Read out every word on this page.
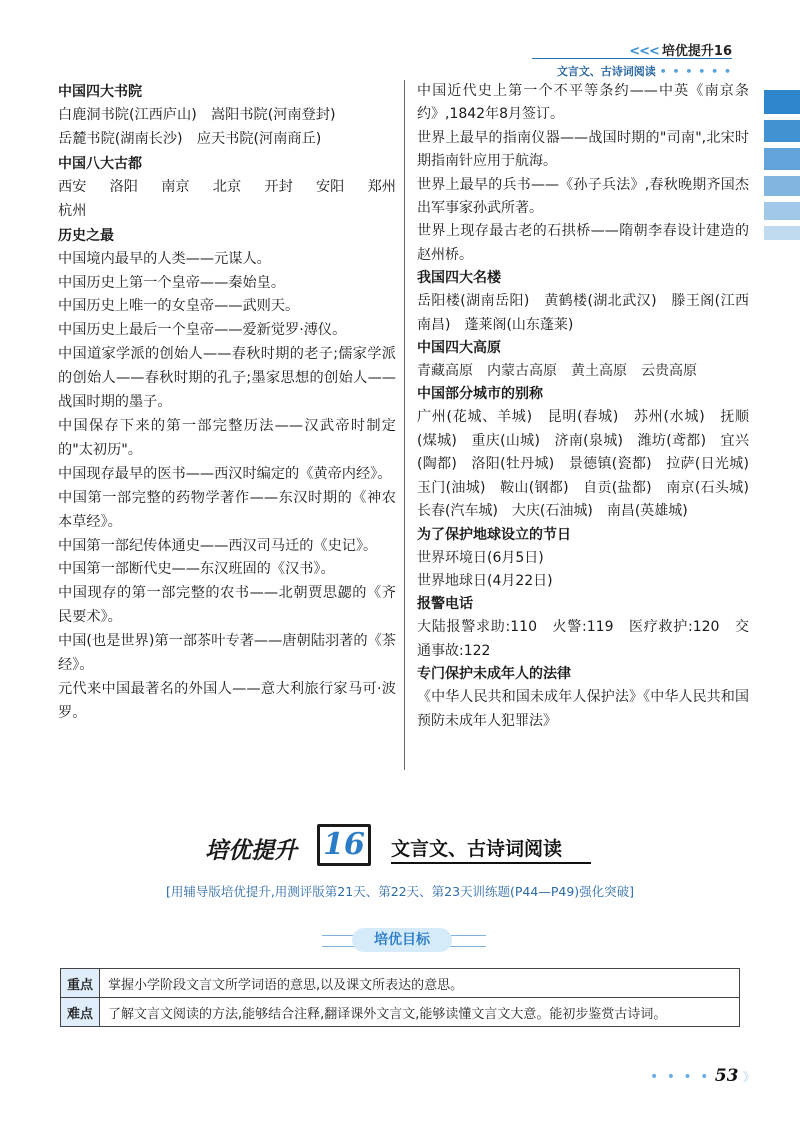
<<< 培优提升16
文言文、古诗词阅读 • • • • • •
中国四大书院

白鹿洞书院(江西庐山)　嵩阳书院(河南登封)

岳麓书院(湖南长沙)　应天书院(河南商丘)

中国八大古都

西安 洛阳 南京 北京 开封 安阳 郑州

杭州

历史之最

中国境内最早的人类——元谋人。

中国历史上第一个皇帝——秦始皇。

中国历史上唯一的女皇帝——武则天。

中国历史上最后一个皇帝——爱新觉罗·溥仪。

中国道家学派的创始人——春秋时期的老子;儒家学派的创始人——春秋时期的孔子;墨家思想的创始人——战国时期的墨子。

中国保存下来的第一部完整历法——汉武帝时制定的"太初历"。

中国现存最早的医书——西汉时编定的《黄帝内经》。

中国第一部完整的药物学著作——东汉时期的《神农本草经》。

中国第一部纪传体通史——西汉司马迁的《史记》。

中国第一部断代史——东汉班固的《汉书》。

中国现存的第一部完整的农书——北朝贾思勰的《齐民要术》。

中国(也是世界)第一部茶叶专著——唐朝陆羽著的《茶经》。

元代来中国最著名的外国人——意大利旅行家马可·波罗。

中国近代史上第一个不平等条约——中英《南京条约》,1842年8月签订。

世界上最早的指南仪器——战国时期的"司南",北宋时期指南针应用于航海。

世界上最早的兵书——《孙子兵法》,春秋晚期齐国杰出军事家孙武所著。

世界上现存最古老的石拱桥——隋朝李春设计建造的赵州桥。

我国四大名楼

岳阳楼(湖南岳阳)　黄鹤楼(湖北武汉)　滕王阁(江西南昌)　蓬莱阁(山东蓬莱)

中国四大高原

青藏高原　内蒙古高原　黄土高原　云贵高原

中国部分城市的别称

广州(花城、羊城)　昆明(春城)　苏州(水城)　抚顺(煤城)　重庆(山城)　济南(泉城)　潍坊(鸢都)　宜兴(陶都)　洛阳(牡丹城)　景德镇(瓷都)　拉萨(日光城)　玉门(油城)　鞍山(钢都)　自贡(盐都)　南京(石头城)　长春(汽车城)　大庆(石油城)　南昌(英雄城)

为了保护地球设立的节日

世界环境日(6月5日)

世界地球日(4月22日)

报警电话

大陆报警求助:110　火警:119　医疗救护:120　交通事故:122

专门保护未成年人的法律

《中华人民共和国未成年人保护法》《中华人民共和国预防未成年人犯罪法》

培优提升 16	文言文、古诗词阅读
[用辅导版培优提升,用测评版第21天、第22天、第23天训练题(P44—P49)强化突破]
培优目标
重点	掌握小学阶段文言文所学词语的意思,以及课文所表达的意思。
难点	了解文言文阅读的方法,能够结合注释,翻译课外文言文,能够读懂文言文大意。能初步鉴赏古诗词。
• • • • 53 》
